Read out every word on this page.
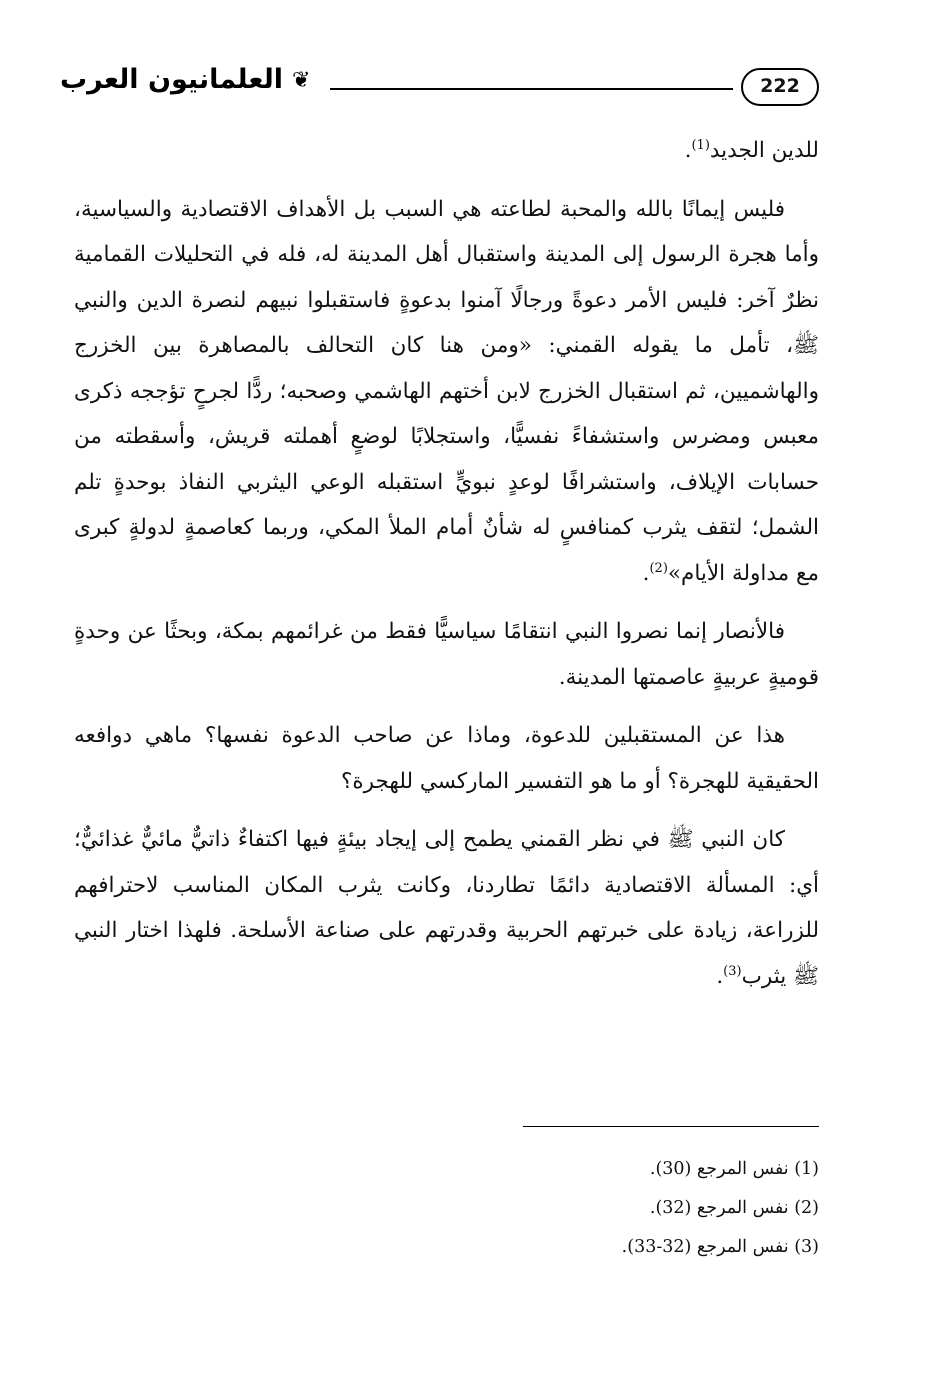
العلمانيون العرب ❦	222

للدين الجديد$^{(1)}$.

فليس إيمانًا بالله والمحبة لطاعته هي السبب بل الأهداف الاقتصادية والسياسية، وأما هجرة الرسول إلى المدينة واستقبال أهل المدينة له، فله في التحليلات القمامية نظرٌ آخر: فليس الأمر دعوةً ورجالًا آمنوا بدعوةٍ فاستقبلوا نبيهم لنصرة الدين والنبي ﷺ، تأمل ما يقوله القمني: «ومن هنا كان التحالف بالمصاهرة بين الخزرج والهاشميين، ثم استقبال الخزرج لابن أختهم الهاشمي وصحبه؛ ردًّا لجرحٍ تؤججه ذكرى معبس ومضرس واستشفاءً نفسيًّا، واستجلابًا لوضعٍ أهملته قريش، وأسقطته من حسابات الإيلاف، واستشرافًا لوعدٍ نبويٍّ استقبله الوعي اليثربي النفاذ بوحدةٍ تلم الشمل؛ لتقف يثرب كمنافسٍ له شأنٌ أمام الملأ المكي، وربما كعاصمةٍ لدولةٍ كبرى مع مداولة الأيام»$^{(2)}$.

فالأنصار إنما نصروا النبي انتقامًا سياسيًّا فقط من غرائمهم بمكة، وبحثًا عن وحدةٍ قوميةٍ عربيةٍ عاصمتها المدينة.

هذا عن المستقبلين للدعوة، وماذا عن صاحب الدعوة نفسها؟ ماهي دوافعه الحقيقية للهجرة؟ أو ما هو التفسير الماركسي للهجرة؟

كان النبي ﷺ في نظر القمني يطمح إلى إيجاد بيئةٍ فيها اكتفاءٌ ذاتيٌّ مائيٌّ غذائيٌّ؛ أي: المسألة الاقتصادية دائمًا تطاردنا، وكانت يثرب المكان المناسب لاحترافهم للزراعة، زيادة على خبرتهم الحربية وقدرتهم على صناعة الأسلحة. فلهذا اختار النبي ﷺ يثرب$^{(3)}$.

(1) نفس المرجع (30).
(2) نفس المرجع (32).
(3) نفس المرجع (32-33).
